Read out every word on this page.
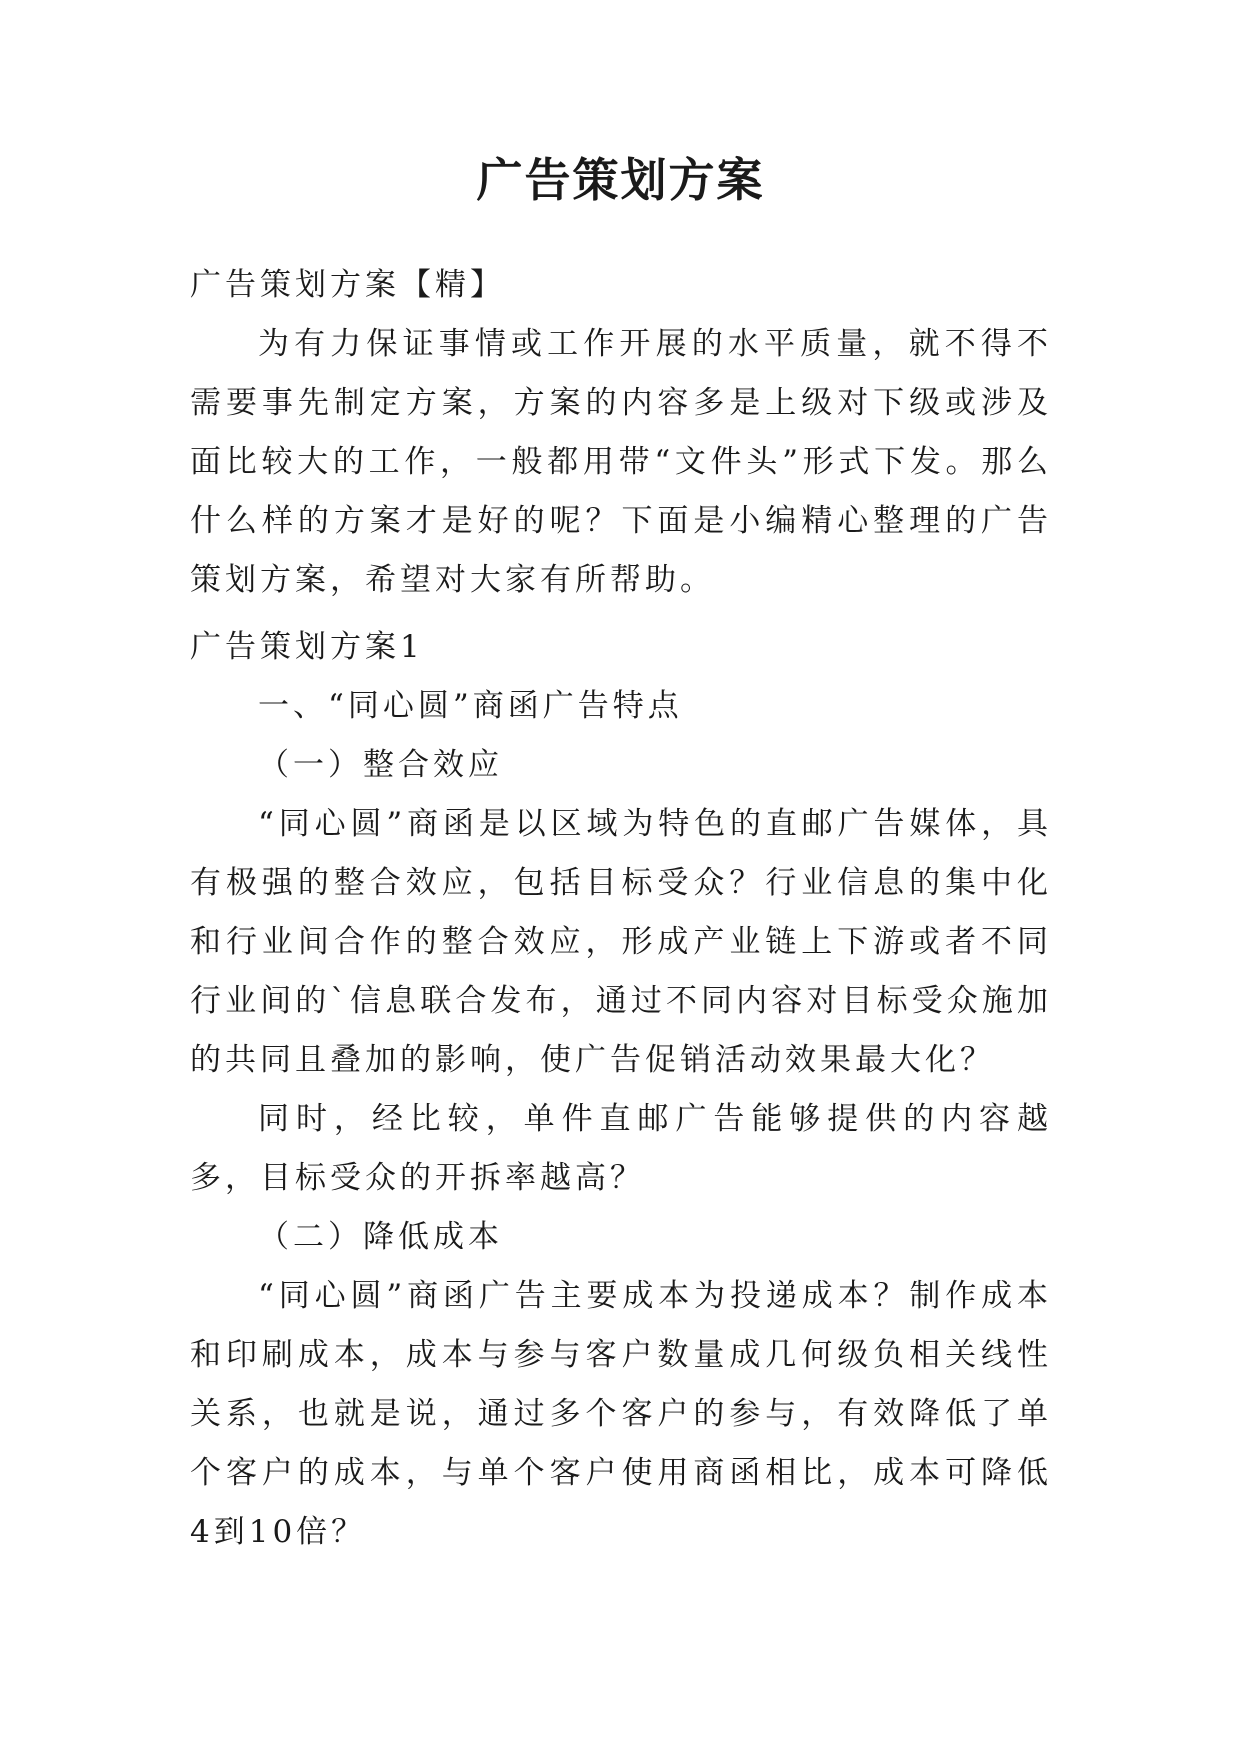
广告策划方案

广告策划方案【精】

为有力保证事情或工作开展的水平质量，就不得不需要事先制定方案，方案的内容多是上级对下级或涉及面比较大的工作，一般都用带“文件头”形式下发。那么什么样的方案才是好的呢？下面是小编精心整理的广告策划方案，希望对大家有所帮助。

广告策划方案1

一、“同心圆”商函广告特点

（一）整合效应

“同心圆”商函是以区域为特色的直邮广告媒体，具有极强的整合效应，包括目标受众？行业信息的集中化和行业间合作的整合效应，形成产业链上下游或者不同行业间的`信息联合发布，通过不同内容对目标受众施加的共同且叠加的影响，使广告促销活动效果最大化？

同时，经比较，单件直邮广告能够提供的内容越多，目标受众的开拆率越高？

（二）降低成本

“同心圆”商函广告主要成本为投递成本？制作成本和印刷成本，成本与参与客户数量成几何级负相关线性关系，也就是说，通过多个客户的参与，有效降低了单个客户的成本，与单个客户使用商函相比，成本可降低4到10倍？
